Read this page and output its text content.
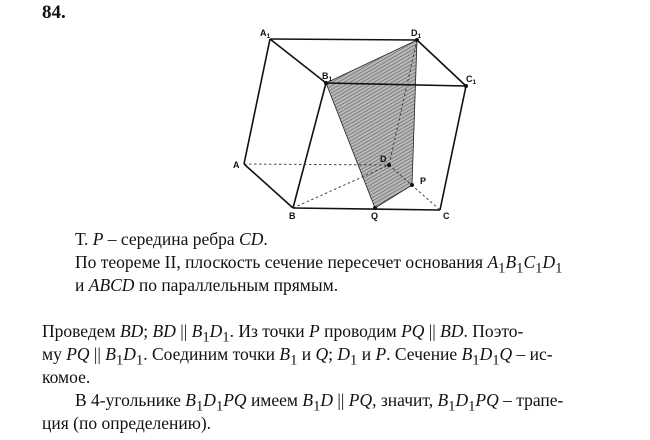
84.
$A_1$	$D_1$
$B_1$	$C_1$
A
D
P
B	Q	C
Т. P – середина ребра CD.
По теореме II, плоскость сечение пересечет основания $A_1B_1C_1D_1$
и ABCD по параллельным прямым.
Проведем BD; BD || $B_1D_1$. Из точки P проводим PQ || BD. Поэто-
му PQ || $B_1D_1$. Соединим точки $B_1$ и Q; $D_1$ и P. Сечение $B_1D_1Q - ис-$
комое.
В 4-угольнике $B_1D_1PQ$ имеем $B_1D$ || PQ, значит, $B_1D_1PQ$ – трапе-
ция (по определению).
